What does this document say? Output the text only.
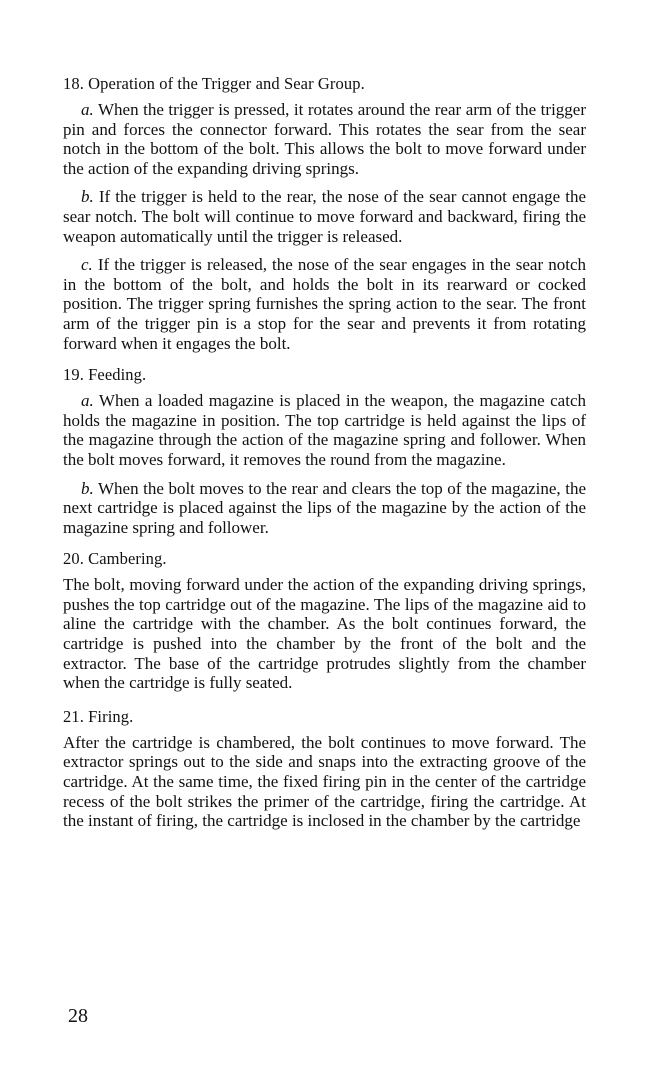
18. Operation of the Trigger and Sear Group.

a. When the trigger is pressed, it rotates around the rear arm of the trigger pin and forces the connector forward. This rotates the sear from the sear notch in the bottom of the bolt. This allows the bolt to move forward under the action of the expanding driving springs.

b. If the trigger is held to the rear, the nose of the sear cannot engage the sear notch. The bolt will continue to move forward and backward, firing the weapon automatically until the trigger is released.

c. If the trigger is released, the nose of the sear engages in the sear notch in the bottom of the bolt, and holds the bolt in its rearward or cocked position. The trigger spring furnishes the spring action to the sear. The front arm of the trigger pin is a stop for the sear and prevents it from rotating forward when it engages the bolt.

19. Feeding.

a. When a loaded magazine is placed in the weapon, the magazine catch holds the magazine in position. The top cartridge is held against the lips of the magazine through the action of the magazine spring and follower. When the bolt moves forward, it removes the round from the magazine.

b. When the bolt moves to the rear and clears the top of the magazine, the next cartridge is placed against the lips of the magazine by the action of the magazine spring and follower.

20. Cambering.

The bolt, moving forward under the action of the expanding driving springs, pushes the top cartridge out of the magazine. The lips of the magazine aid to aline the cartridge with the chamber. As the bolt continues forward, the cartridge is pushed into the chamber by the front of the bolt and the extractor. The base of the cartridge protrudes slightly from the chamber when the cartridge is fully seated.

21. Firing.

After the cartridge is chambered, the bolt continues to move forward. The extractor springs out to the side and snaps into the extracting groove of the cartridge. At the same time, the fixed firing pin in the center of the cartridge recess of the bolt strikes the primer of the cartridge, firing the cartridge. At the instant of firing, the cartridge is inclosed in the chamber by the cartridge

28
